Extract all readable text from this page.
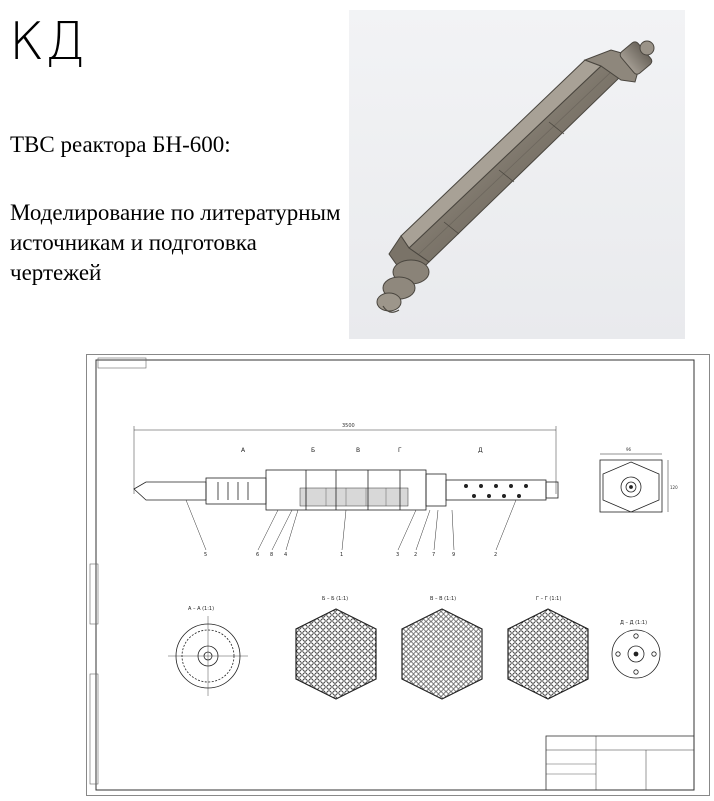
КД
ТВС реактора БН-600:
Моделирование по литературным источникам и подготовка чертежей
3500
А	Б	В	Г	Д
5	6 8 4	1	3	2	7	9	2
96
120
А – А (1:1)
Б – Б (1:1)	В – В (1:1)	Г – Г (1:1)
Д – Д (1:1)
